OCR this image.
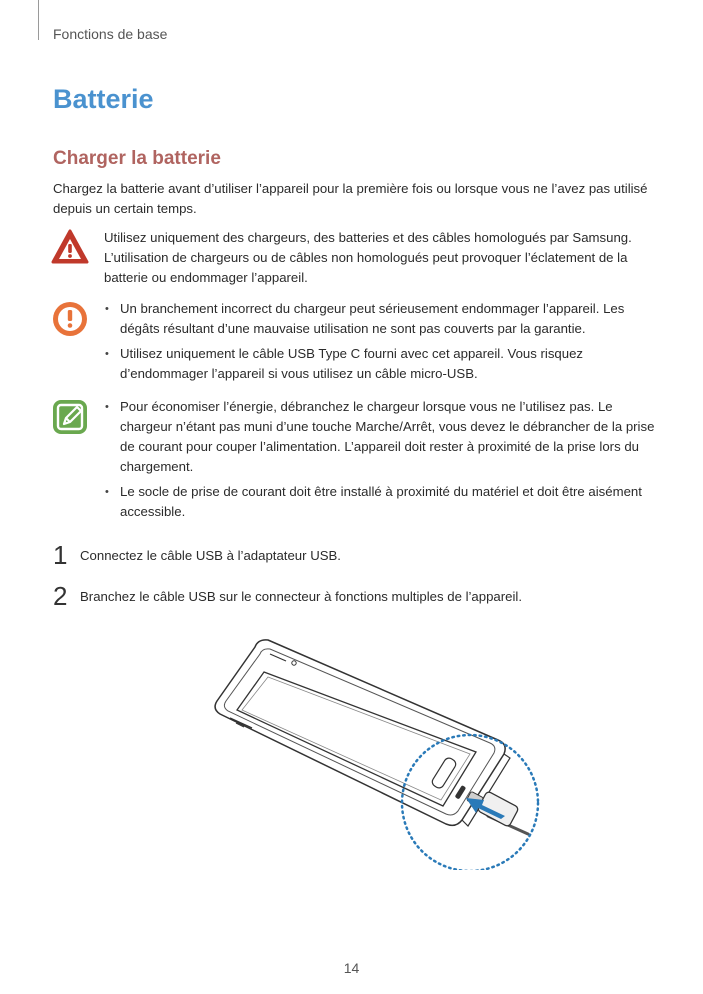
Fonctions de base
Batterie
Charger la batterie

Chargez la batterie avant d’utiliser l’appareil pour la première fois ou lorsque vous ne l’avez pas utilisé depuis un certain temps.

Utilisez uniquement des chargeurs, des batteries et des câbles homologués par Samsung. L’utilisation de chargeurs ou de câbles non homologués peut provoquer l’éclatement de la batterie ou endommager l’appareil.

• Un branchement incorrect du chargeur peut sérieusement endommager l’appareil. Les dégâts résultant d’une mauvaise utilisation ne sont pas couverts par la garantie.
• Utilisez uniquement le câble USB Type C fourni avec cet appareil. Vous risquez d’endommager l’appareil si vous utilisez un câble micro-USB.
• Pour économiser l’énergie, débranchez le chargeur lorsque vous ne l’utilisez pas. Le chargeur n’étant pas muni d’une touche Marche/Arrêt, vous devez le débrancher de la prise de courant pour couper l’alimentation. L’appareil doit rester à proximité de la prise lors du chargement.
• Le socle de prise de courant doit être installé à proximité du matériel et doit être aisément accessible.
1 Connectez le câble USB à l’adaptateur USB.
2 Branchez le câble USB sur le connecteur à fonctions multiples de l’appareil.
14
